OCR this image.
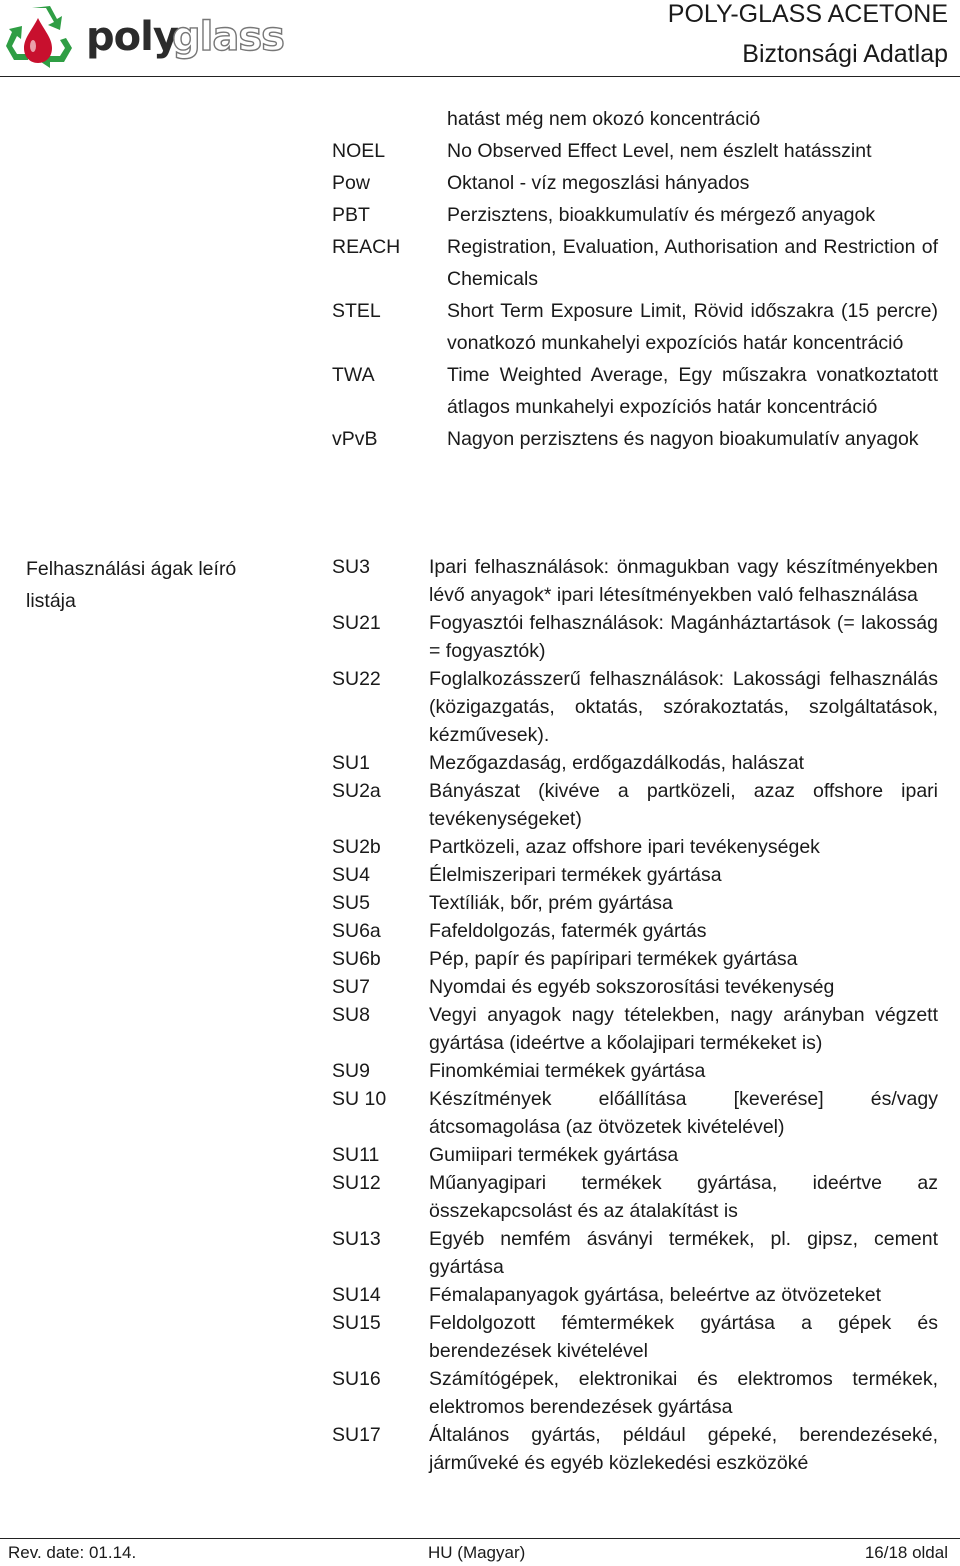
poly
glass	POLY-GLASS ACETONE
Biztonsági Adatlap
hatást még nem okozó koncentráció
NOEL	No Observed Effect Level, nem észlelt hatásszint
Pow	Oktanol - víz megoszlási hányados
PBT	Perzisztens, bioakkumulatív és mérgező anyagok
REACH	Registration, Evaluation, Authorisation and Restriction of Chemicals
STEL	Short Term Exposure Limit, Rövid időszakra (15 percre) vonatkozó munkahelyi expozíciós határ koncentráció
TWA	Time Weighted Average, Egy műszakra vonatkoztatott átlagos munkahelyi expozíciós határ koncentráció
vPvB	Nagyon perzisztens és nagyon bioakumulatív anyagok
Felhasználási ágak leíró listája
SU3	Ipari felhasználások: önmagukban vagy készítményekben lévő anyagok* ipari létesítményekben való felhasználása
SU21	Fogyasztói felhasználások: Magánháztartások (= lakosság = fogyasztók)
SU22	Foglalkozásszerű felhasználások: Lakossági felhasználás (közigazgatás, oktatás, szórakoztatás, szolgáltatások, kézművesek).
SU1	Mezőgazdaság, erdőgazdálkodás, halászat
SU2a	Bányászat (kivéve a partközeli, azaz offshore ipari tevékenységeket)
SU2b	Partközeli, azaz offshore ipari tevékenységek
SU4	Élelmiszeripari termékek gyártása
SU5	Textíliák, bőr, prém gyártása
SU6a	Fafeldolgozás, fatermék gyártás
SU6b	Pép, papír és papíripari termékek gyártása
SU7	Nyomdai és egyéb sokszorosítási tevékenység
SU8	Vegyi anyagok nagy tételekben, nagy arányban végzett gyártása (ideértve a kőolajipari termékeket is)
SU9	Finomkémiai termékek gyártása
SU 10	Készítmények előállítása [keverése] és/vagy átcsomagolása (az ötvözetek kivételével)
SU11	Gumiipari termékek gyártása
SU12	Műanyagipari termékek gyártása, ideértve az összekapcsolást és az átalakítást is
SU13	Egyéb nemfém ásványi termékek, pl. gipsz, cement gyártása
SU14	Fémalapanyagok gyártása, beleértve az ötvözeteket
SU15	Feldolgozott fémtermékek gyártása a gépek és berendezések kivételével
SU16	Számítógépek, elektronikai és elektromos termékek, elektromos berendezések gyártása
SU17	Általános gyártás, például gépeké, berendezéseké, járműveké és egyéb közlekedési eszközöké
Rev. date: 01.14.	HU (Magyar)	16/18 oldal
